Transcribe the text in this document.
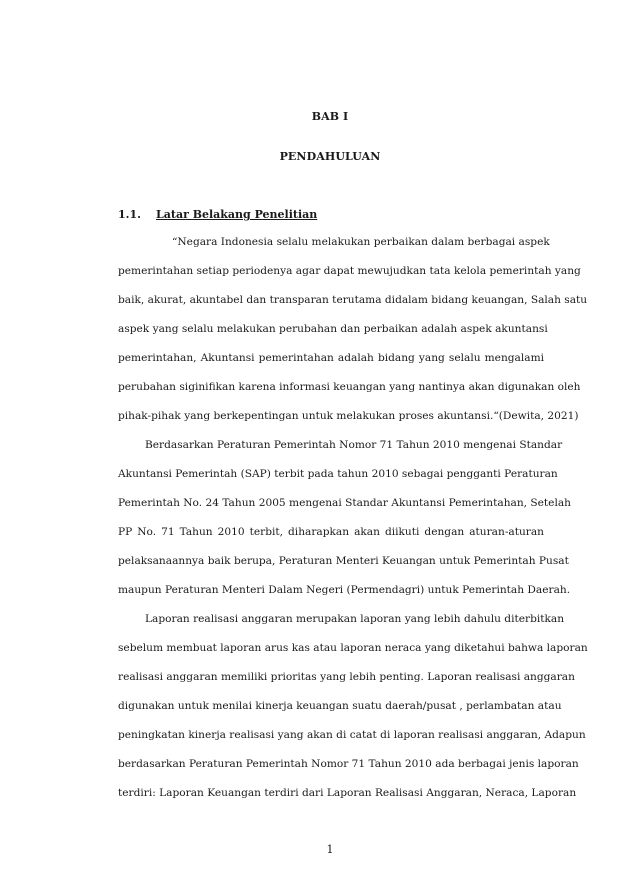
BAB I

PENDAHULUAN

1.1. Latar Belakang Penelitian

“Negara Indonesia selalu melakukan perbaikan dalam berbagai aspek

pemerintahan setiap periodenya agar dapat mewujudkan tata kelola pemerintah yang

baik, akurat, akuntabel dan transparan terutama didalam bidang keuangan, Salah satu

aspek yang selalu melakukan perubahan dan perbaikan adalah aspek akuntansi

pemerintahan, Akuntansi pemerintahan adalah bidang yang selalu mengalami

perubahan siginifikan karena informasi keuangan yang nantinya akan digunakan oleh

pihak-pihak yang berkepentingan untuk melakukan proses akuntansi.“(Dewita, 2021)

Berdasarkan Peraturan Pemerintah Nomor 71 Tahun 2010 mengenai Standar

Akuntansi Pemerintah (SAP) terbit pada tahun 2010 sebagai pengganti Peraturan

Pemerintah No. 24 Tahun 2005 mengenai Standar Akuntansi Pemerintahan, Setelah

PP No. 71 Tahun 2010 terbit, diharapkan akan diikuti dengan aturan-aturan

pelaksanaannya baik berupa, Peraturan Menteri Keuangan untuk Pemerintah Pusat

maupun Peraturan Menteri Dalam Negeri (Permendagri) untuk Pemerintah Daerah.

Laporan realisasi anggaran merupakan laporan yang lebih dahulu diterbitkan

sebelum membuat laporan arus kas atau laporan neraca yang diketahui bahwa laporan

realisasi anggaran memiliki prioritas yang lebih penting. Laporan realisasi anggaran

digunakan untuk menilai kinerja keuangan suatu daerah/pusat , perlambatan atau

peningkatan kinerja realisasi yang akan di catat di laporan realisasi anggaran, Adapun

berdasarkan Peraturan Pemerintah Nomor 71 Tahun 2010 ada berbagai jenis laporan

terdiri: Laporan Keuangan terdiri dari Laporan Realisasi Anggaran, Neraca, Laporan

1
